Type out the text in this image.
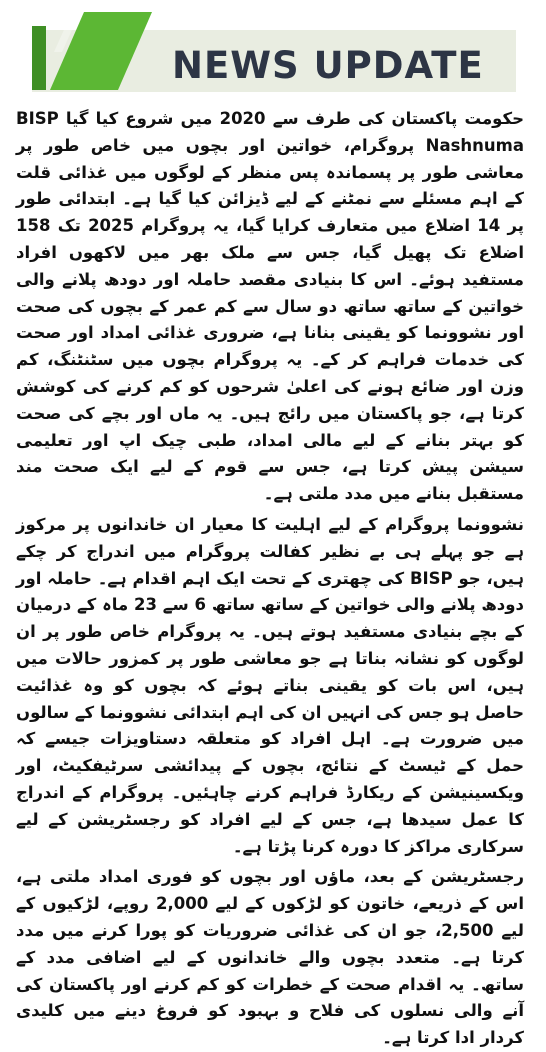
NEWS UPDATE

حکومت پاکستان کی طرف سے 2020 میں شروع کیا گیا BISP Nashnuma پروگرام، خواتین اور بچوں میں خاص طور پر معاشی طور پر پسماندہ پس منظر کے لوگوں میں غذائی قلت کے اہم مسئلے سے نمٹنے کے لیے ڈیزائن کیا گیا ہے۔ ابتدائی طور پر 14 اضلاع میں متعارف کرایا گیا، یہ پروگرام 2025 تک 158 اضلاع تک پھیل گیا، جس سے ملک بھر میں لاکھوں افراد مستفید ہوئے۔ اس کا بنیادی مقصد حاملہ اور دودھ پلانے والی خواتین کے ساتھ ساتھ دو سال سے کم عمر کے بچوں کی صحت اور نشوونما کو یقینی بنانا ہے، ضروری غذائی امداد اور صحت کی خدمات فراہم کر کے۔ یہ پروگرام بچوں میں سٹنٹنگ، کم وزن اور ضائع ہونے کی اعلیٰ شرحوں کو کم کرنے کی کوشش کرتا ہے، جو پاکستان میں رائج ہیں۔ یہ ماں اور بچے کی صحت کو بہتر بنانے کے لیے مالی امداد، طبی چیک اپ اور تعلیمی سیشن پیش کرتا ہے، جس سے قوم کے لیے ایک صحت مند مستقبل بنانے میں مدد ملتی ہے۔

نشوونما پروگرام کے لیے اہلیت کا معیار ان خاندانوں پر مرکوز ہے جو پہلے ہی بے نظیر کفالت پروگرام میں اندراج کر چکے ہیں، جو BISP کی چھتری کے تحت ایک اہم اقدام ہے۔ حاملہ اور دودھ پلانے والی خواتین کے ساتھ ساتھ 6 سے 23 ماہ کے درمیان کے بچے بنیادی مستفید ہوتے ہیں۔ یہ پروگرام خاص طور پر ان لوگوں کو نشانہ بناتا ہے جو معاشی طور پر کمزور حالات میں ہیں، اس بات کو یقینی بناتے ہوئے کہ بچوں کو وہ غذائیت حاصل ہو جس کی انہیں ان کی اہم ابتدائی نشوونما کے سالوں میں ضرورت ہے۔ اہل افراد کو متعلقہ دستاویزات جیسے کہ حمل کے ٹیسٹ کے نتائج، بچوں کے پیدائشی سرٹیفکیٹ، اور ویکسینیشن کے ریکارڈ فراہم کرنے چاہئیں۔ پروگرام کے اندراج کا عمل سیدھا ہے، جس کے لیے افراد کو رجسٹریشن کے لیے سرکاری مراکز کا دورہ کرنا پڑتا ہے۔

رجسٹریشن کے بعد، ماؤں اور بچوں کو فوری امداد ملتی ہے، اس کے ذریعے، خاتون کو لڑکوں کے لیے 2,000 روپے، لڑکیوں کے لیے 2,500، جو ان کی غذائی ضروریات کو پورا کرنے میں مدد کرتا ہے۔ متعدد بچوں والے خاندانوں کے لیے اضافی مدد کے ساتھ۔ یہ اقدام صحت کے خطرات کو کم کرنے اور پاکستان کی آنے والی نسلوں کی فلاح و بہبود کو فروغ دینے میں کلیدی کردار ادا کرتا ہے۔
